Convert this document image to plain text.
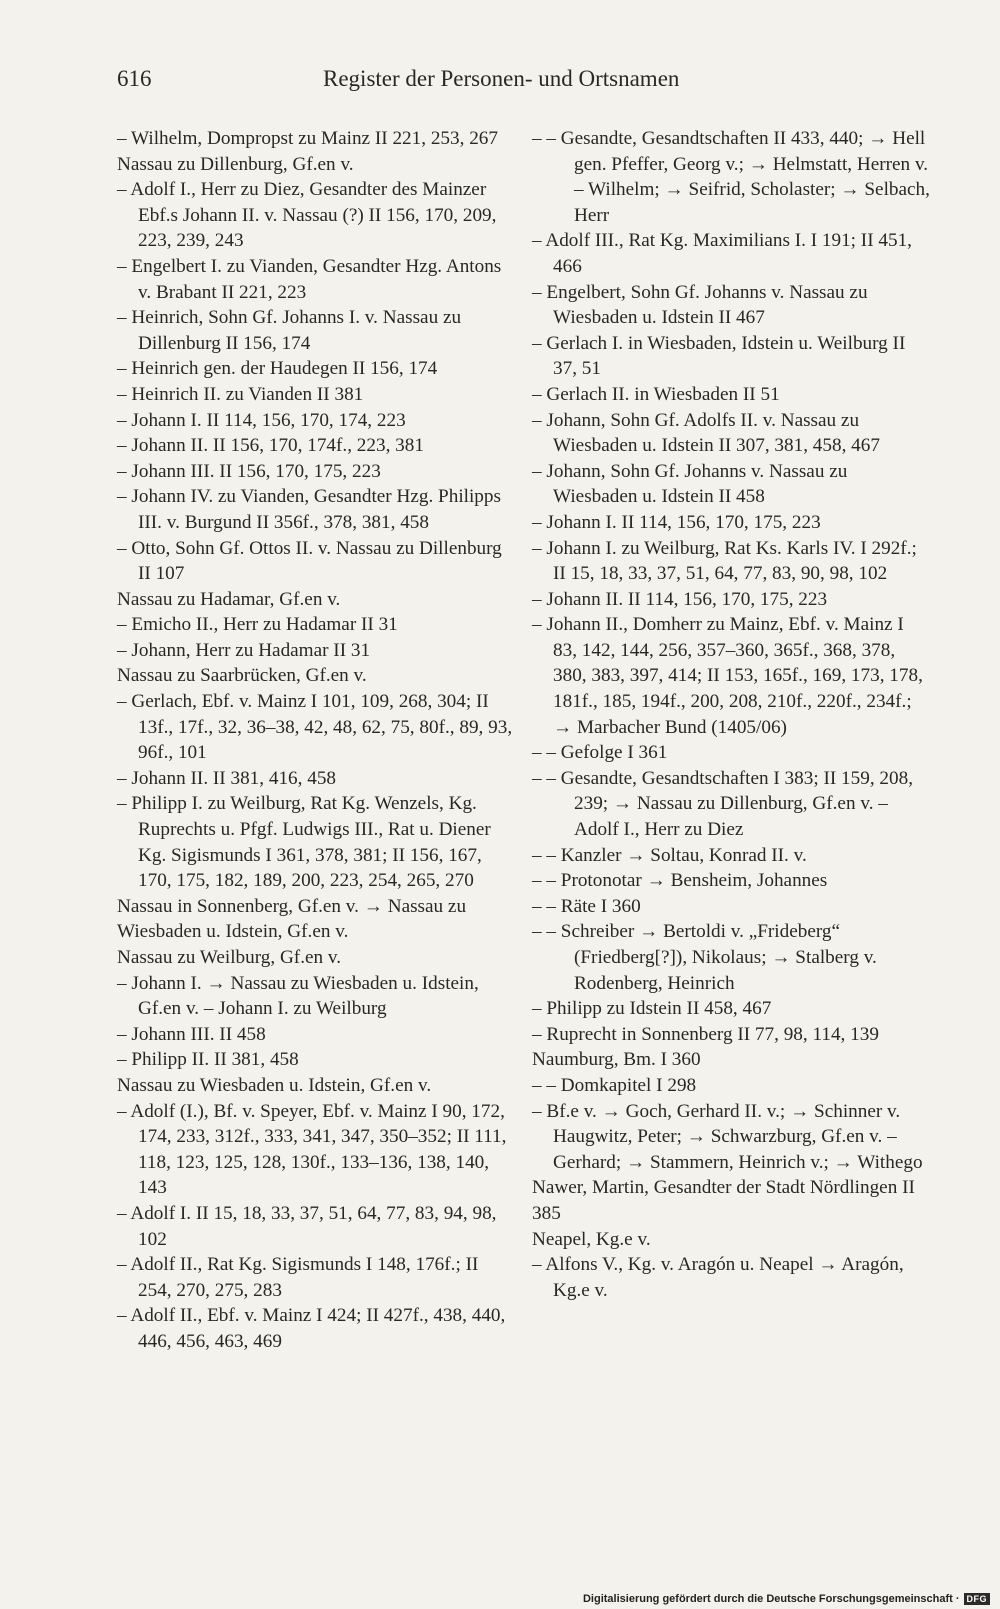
616	Register der Personen- und Ortsnamen
– Wilhelm, Dompropst zu Mainz II 221, 253, 267
Nassau zu Dillenburg, Gf.en v.
– Adolf I., Herr zu Diez, Gesandter des Mainzer Ebf.s Johann II. v. Nassau (?) II 156, 170, 209, 223, 239, 243
– Engelbert I. zu Vianden, Gesandter Hzg. Antons v. Brabant II 221, 223
– Heinrich, Sohn Gf. Johanns I. v. Nassau zu Dillenburg II 156, 174
– Heinrich gen. der Haudegen II 156, 174
– Heinrich II. zu Vianden II 381
– Johann I. II 114, 156, 170, 174, 223
– Johann II. II 156, 170, 174f., 223, 381
– Johann III. II 156, 170, 175, 223
– Johann IV. zu Vianden, Gesandter Hzg. Philipps III. v. Burgund II 356f., 378, 381, 458
– Otto, Sohn Gf. Ottos II. v. Nassau zu Dillenburg II 107
Nassau zu Hadamar, Gf.en v.
– Emicho II., Herr zu Hadamar II 31
– Johann, Herr zu Hadamar II 31
Nassau zu Saarbrücken, Gf.en v.
– Gerlach, Ebf. v. Mainz I 101, 109, 268, 304; II 13f., 17f., 32, 36–38, 42, 48, 62, 75, 80f., 89, 93, 96f., 101
– Johann II. II 381, 416, 458
– Philipp I. zu Weilburg, Rat Kg. Wenzels, Kg. Ruprechts u. Pfgf. Ludwigs III., Rat u. Diener Kg. Sigismunds I 361, 378, 381; II 156, 167, 170, 175, 182, 189, 200, 223, 254, 265, 270
Nassau in Sonnenberg, Gf.en v. → Nassau zu Wiesbaden u. Idstein, Gf.en v.
Nassau zu Weilburg, Gf.en v.
– Johann I. → Nassau zu Wiesbaden u. Idstein, Gf.en v. – Johann I. zu Weilburg
– Johann III. II 458
– Philipp II. II 381, 458
Nassau zu Wiesbaden u. Idstein, Gf.en v.
– Adolf (I.), Bf. v. Speyer, Ebf. v. Mainz I 90, 172, 174, 233, 312f., 333, 341, 347, 350–352; II 111, 118, 123, 125, 128, 130f., 133–136, 138, 140, 143
– Adolf I. II 15, 18, 33, 37, 51, 64, 77, 83, 94, 98, 102
– Adolf II., Rat Kg. Sigismunds I 148, 176f.; II 254, 270, 275, 283
– Adolf II., Ebf. v. Mainz I 424; II 427f., 438, 440, 446, 456, 463, 469
– – Gesandte, Gesandtschaften II 433, 440; → Hell gen. Pfeffer, Georg v.; → Helmstatt, Herren v. – Wilhelm; → Seifrid, Scholaster; → Selbach, Herr
– Adolf III., Rat Kg. Maximilians I. I 191; II 451, 466
– Engelbert, Sohn Gf. Johanns v. Nassau zu Wiesbaden u. Idstein II 467
– Gerlach I. in Wiesbaden, Idstein u. Weilburg II 37, 51
– Gerlach II. in Wiesbaden II 51
– Johann, Sohn Gf. Adolfs II. v. Nassau zu Wiesbaden u. Idstein II 307, 381, 458, 467
– Johann, Sohn Gf. Johanns v. Nassau zu Wiesbaden u. Idstein II 458
– Johann I. II 114, 156, 170, 175, 223
– Johann I. zu Weilburg, Rat Ks. Karls IV. I 292f.; II 15, 18, 33, 37, 51, 64, 77, 83, 90, 98, 102
– Johann II. II 114, 156, 170, 175, 223
– Johann II., Domherr zu Mainz, Ebf. v. Mainz I 83, 142, 144, 256, 357–360, 365f., 368, 378, 380, 383, 397, 414; II 153, 165f., 169, 173, 178, 181f., 185, 194f., 200, 208, 210f., 220f., 234f.; → Marbacher Bund (1405/06)
– – Gefolge I 361
– – Gesandte, Gesandtschaften I 383; II 159, 208, 239; → Nassau zu Dillenburg, Gf.en v. – Adolf I., Herr zu Diez
– – Kanzler → Soltau, Konrad II. v.
– – Protonotar → Bensheim, Johannes
– – Räte I 360
– – Schreiber → Bertoldi v. „Frideberg“ (Friedberg[?]), Nikolaus; → Stalberg v. Rodenberg, Heinrich
– Philipp zu Idstein II 458, 467
– Ruprecht in Sonnenberg II 77, 98, 114, 139
Naumburg, Bm. I 360
– – Domkapitel I 298
– Bf.e v. → Goch, Gerhard II. v.; → Schinner v. Haugwitz, Peter; → Schwarzburg, Gf.en v. – Gerhard; → Stammern, Heinrich v.; → Withego
Nawer, Martin, Gesandter der Stadt Nördlingen II 385
Neapel, Kg.e v.
– Alfons V., Kg. v. Aragón u. Neapel → Aragón, Kg.e v.
Digitalisierung gefördert durch die Deutsche Forschungsgemeinschaft · DFG
